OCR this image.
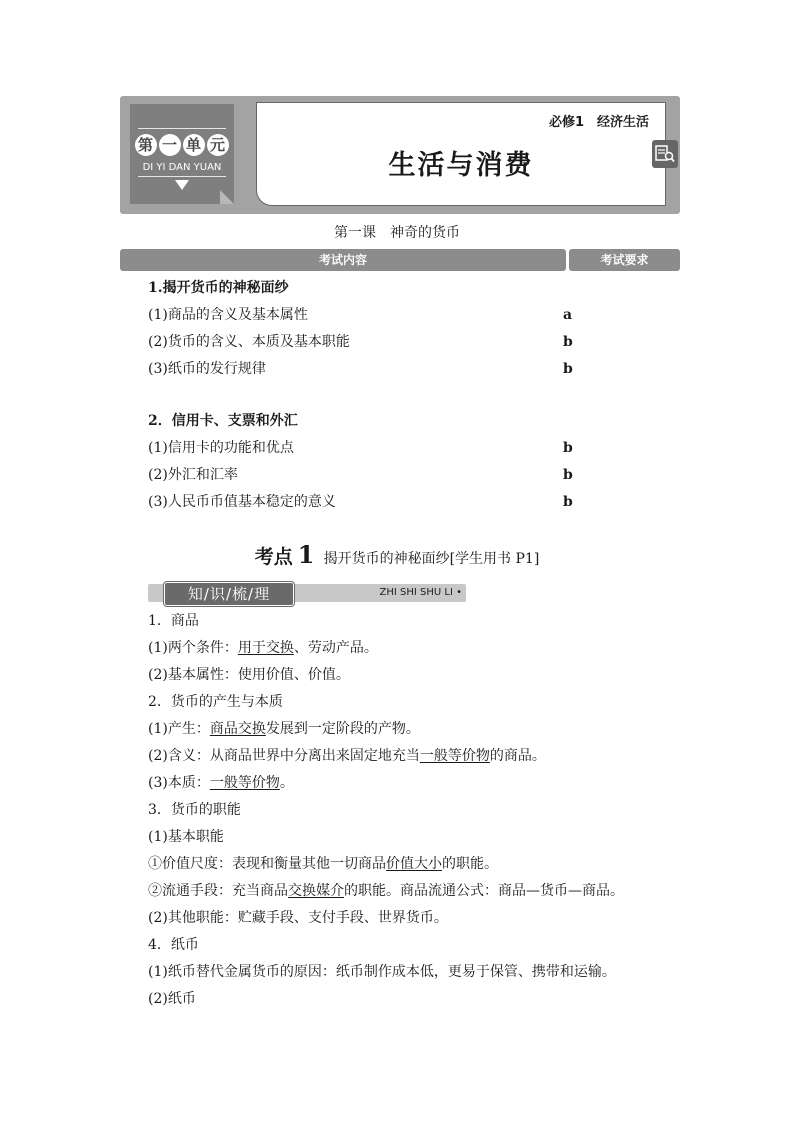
第 一 单 元
DI YI DAN YUAN
必修1　经济生活
生活与消费
第一课　神奇的货币
考试内容	考试要求
1.揭开货币的神秘面纱
(1)商品的含义及基本属性	a
(2)货币的含义、本质及基本职能	b
(3)纸币的发行规律	b
2．信用卡、支票和外汇
(1)信用卡的功能和优点	b
(2)外汇和汇率	b
(3)人民币币值基本稳定的意义	b
考点 1 揭开货币的神秘面纱[学生用书 P1]
知/识/梳/理	ZHI SHI SHU LI •
1．商品
(1)两个条件：用于交换、劳动产品。
(2)基本属性：使用价值、价值。
2．货币的产生与本质
(1)产生：商品交换发展到一定阶段的产物。
(2)含义：从商品世界中分离出来固定地充当一般等价物的商品。
(3)本质：一般等价物。
3．货币的职能
(1)基本职能
①价值尺度：表现和衡量其他一切商品价值大小的职能。
②流通手段：充当商品交换媒介的职能。商品流通公式：商品—货币—商品。
(2)其他职能：贮藏手段、支付手段、世界货币。
4．纸币
(1)纸币替代金属货币的原因：纸币制作成本低，更易于保管、携带和运输。
(2)纸币
